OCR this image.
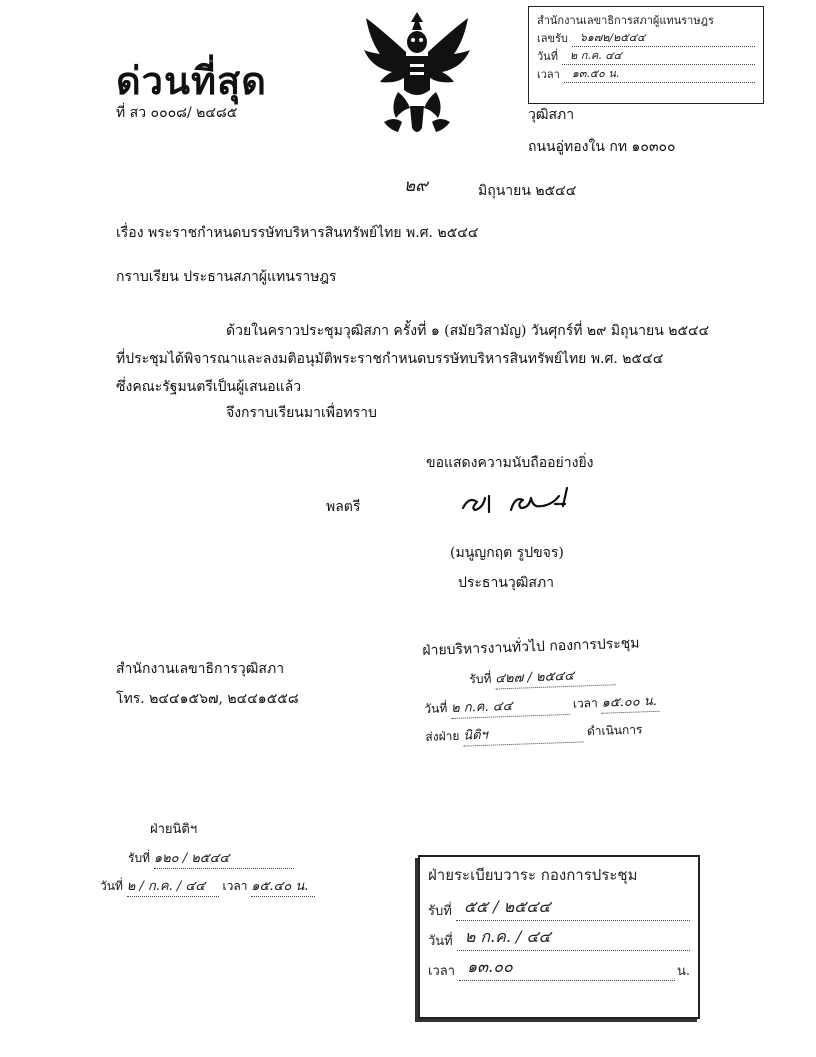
ด่วนที่สุด
ที่ สว ๐๐๐๘/ ๒๔๘๕
สำนักงานเลขาธิการสภาผู้แทนราษฎร
เลขรับ	๖๑๗๒/๒๕๔๔
วันที่	๒ ก.ค. ๔๔
เวลา	๑๓.๕๐ น.
วุฒิสภา
ถนนอู่ทองใน กท ๑๐๓๐๐
๒๙	มิถุนายน ๒๕๔๔
เรื่อง พระราชกำหนดบรรษัทบริหารสินทรัพย์ไทย พ.ศ. ๒๕๔๔
กราบเรียน ประธานสภาผู้แทนราษฎร
ด้วยในคราวประชุมวุฒิสภา ครั้งที่ ๑ (สมัยวิสามัญ) วันศุกร์ที่ ๒๙ มิถุนายน ๒๕๔๔
ที่ประชุมได้พิจารณาและลงมติอนุมัติพระราชกำหนดบรรษัทบริหารสินทรัพย์ไทย พ.ศ. ๒๕๔๔
ซึ่งคณะรัฐมนตรีเป็นผู้เสนอแล้ว
จึงกราบเรียนมาเพื่อทราบ
ขอแสดงความนับถืออย่างยิ่ง
พลตรี
(มนูญกฤต รูปขจร)
ประธานวุฒิสภา
สำนักงานเลขาธิการวุฒิสภา
โทร. ๒๔๔๑๕๖๗, ๒๔๔๑๕๕๘
ฝ่ายบริหารงานทั่วไป กองการประชุม
รับที่ ๔๒๗ / ๒๕๔๔
วันที่ ๒ ก.ค. ๔๔	เวลา ๑๕.๐๐ น.
ส่งฝ่าย นิติฯ	ดำเนินการ
ฝ่ายนิติฯ
รับที่ ๑๒๐ / ๒๕๔๔
วันที่ ๒ / ก.ค. / ๔๔ เวลา ๑๕.๔๐ น.
ฝ่ายระเบียบวาระ กองการประชุม
รับที่ ๕๕ / ๒๕๔๔
วันที่ ๒ ก.ค. / ๔๔
เวลา ๑๓.๐๐	น.
